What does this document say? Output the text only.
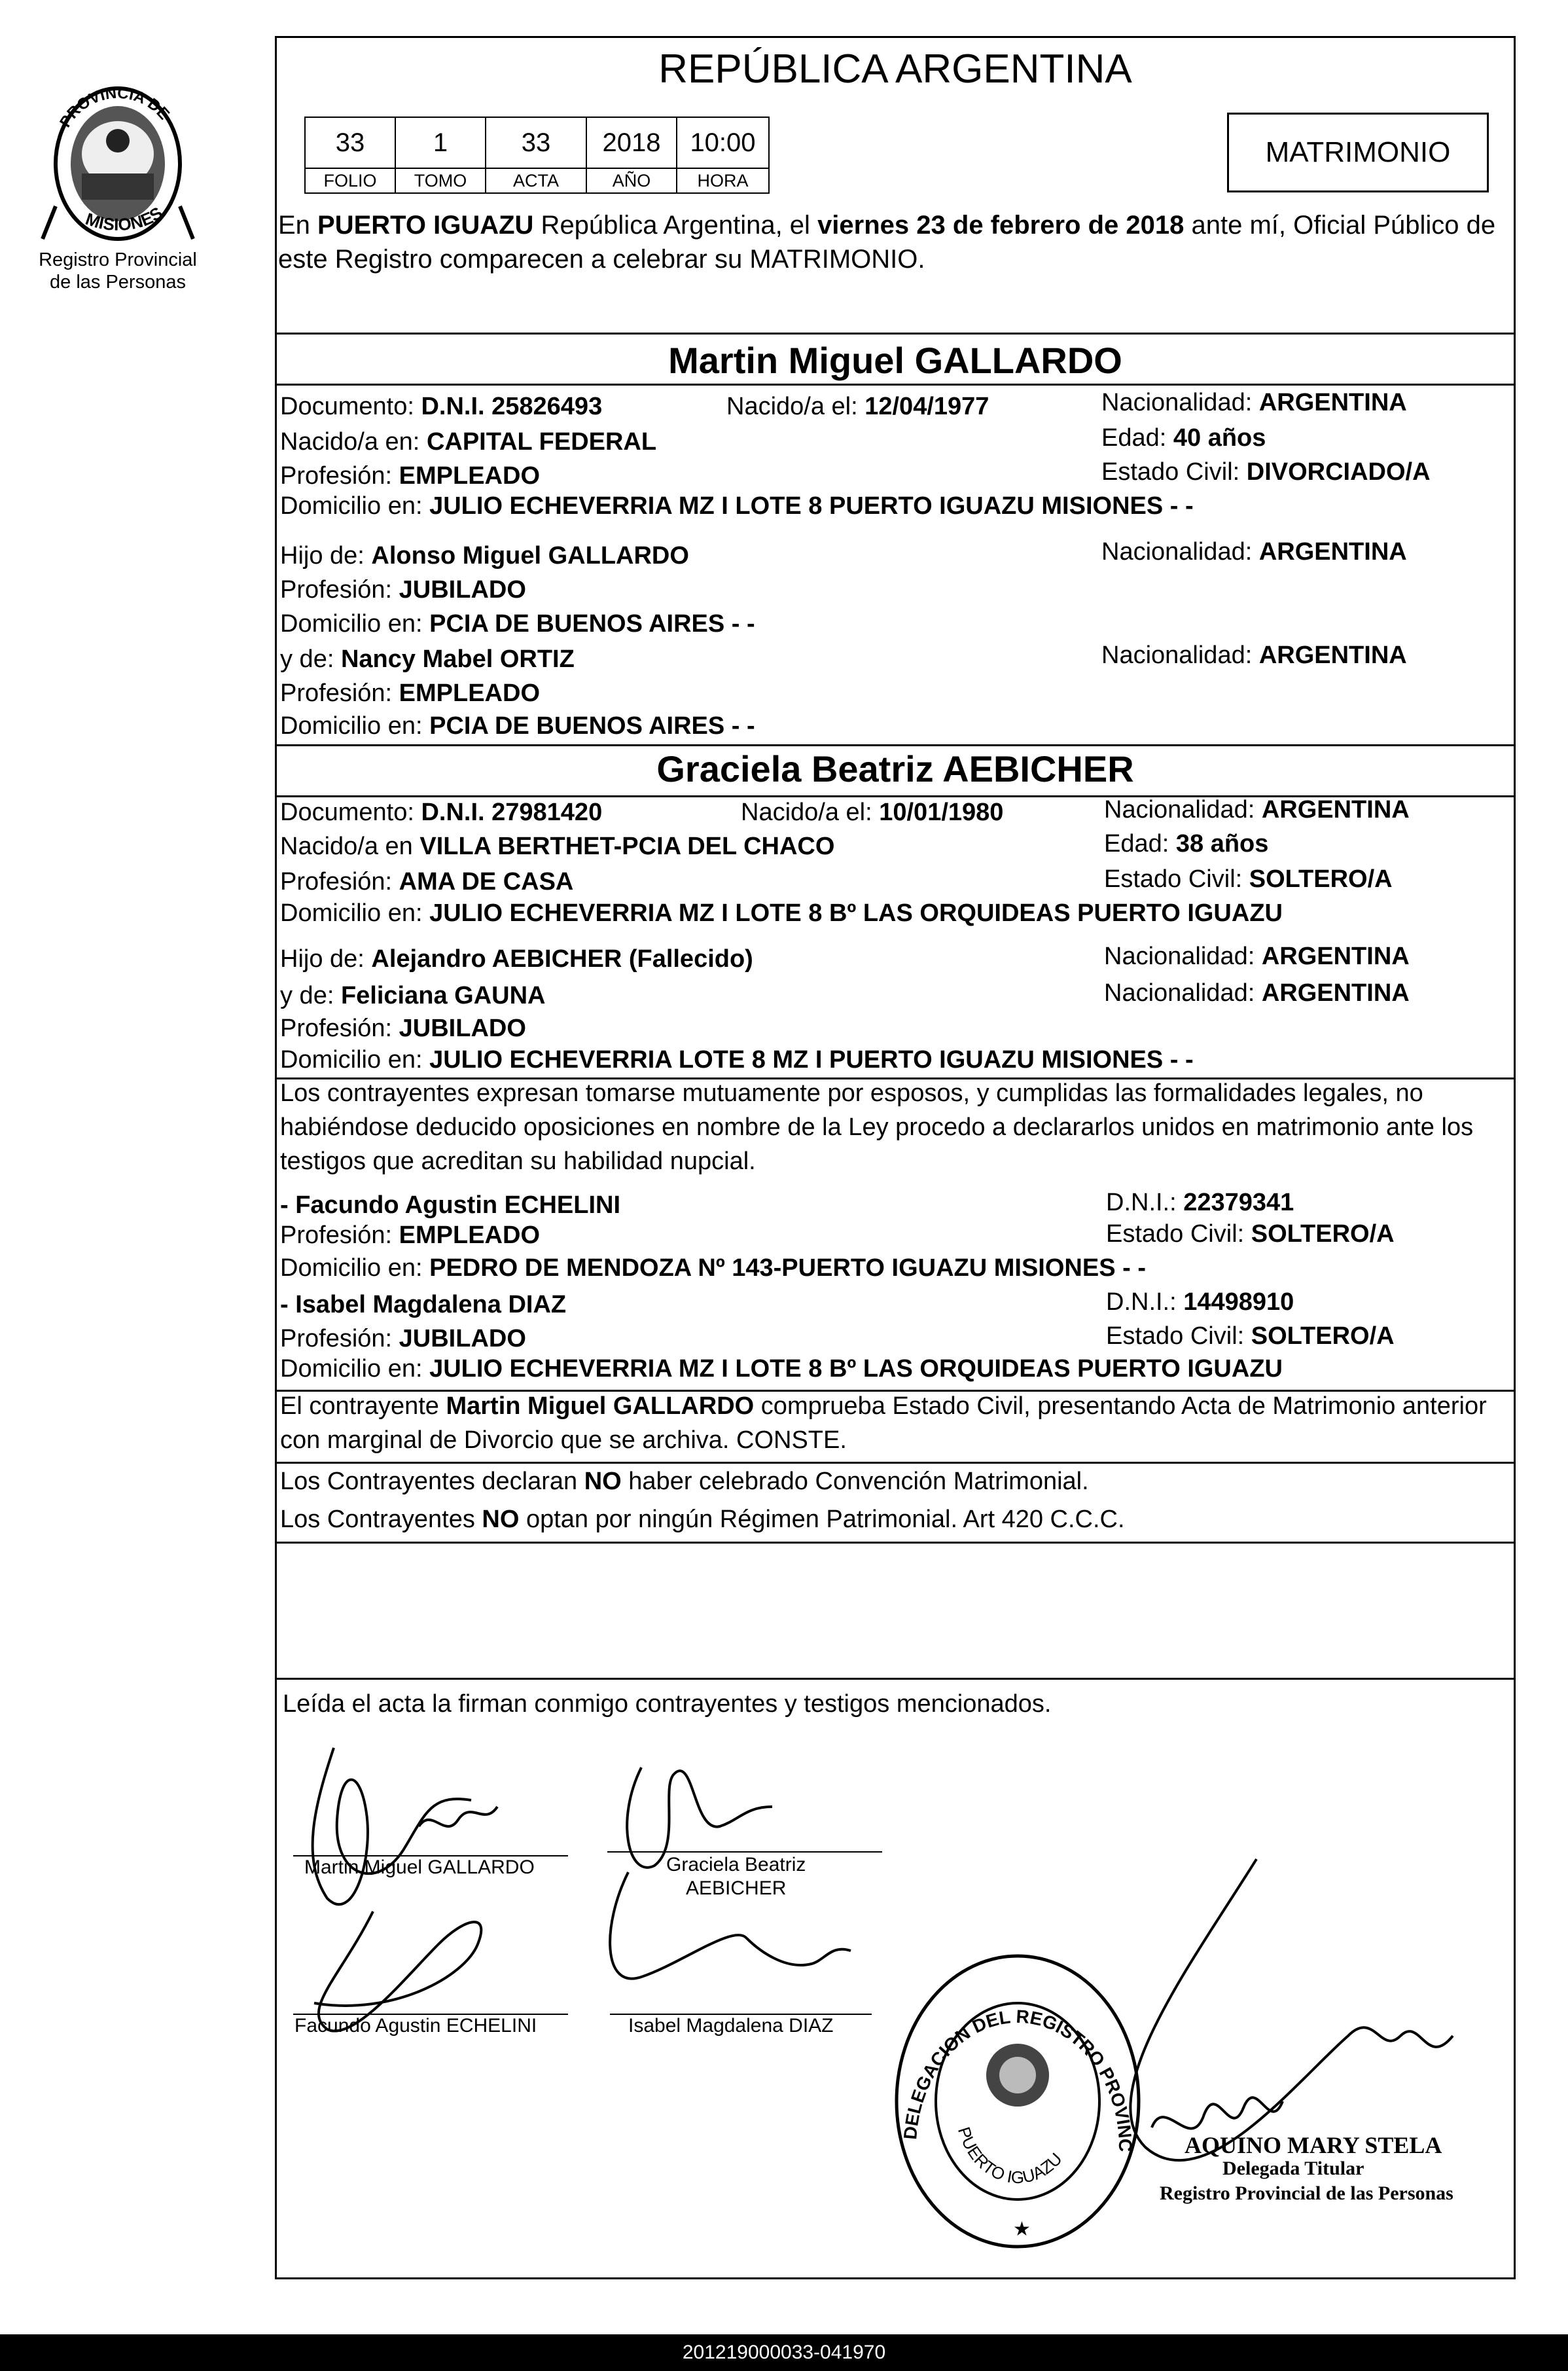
PROVINCIA DE
MISIONES
Registro Provincial
de las Personas
REPÚBLICA ARGENTINA
33	1	33	2018	10:00
FOLIO	TOMO	ACTA	AÑO	HORA
MATRIMONIO
En PUERTO IGUAZU República Argentina, el viernes 23 de febrero de 2018 ante mí, Oficial Público de este Registro comparecen a celebrar su MATRIMONIO.
Martin Miguel GALLARDO
Documento: D.N.I. 25826493	Nacido/a el: 12/04/1977	Nacionalidad: ARGENTINA
Nacido/a en: CAPITAL FEDERAL	Edad: 40 años
Profesión: EMPLEADO	Estado Civil: DIVORCIADO/A
Domicilio en: JULIO ECHEVERRIA MZ I LOTE 8 PUERTO IGUAZU MISIONES - -
Hijo de: Alonso Miguel GALLARDO	Nacionalidad: ARGENTINA
Profesión: JUBILADO
Domicilio en: PCIA DE BUENOS AIRES - -
y de: Nancy Mabel ORTIZ	Nacionalidad: ARGENTINA
Profesión: EMPLEADO
Domicilio en: PCIA DE BUENOS AIRES - -
Graciela Beatriz AEBICHER
Documento: D.N.I. 27981420	Nacido/a el: 10/01/1980	Nacionalidad: ARGENTINA
Nacido/a en VILLA BERTHET-PCIA DEL CHACO	Edad: 38 años
Profesión: AMA DE CASA	Estado Civil: SOLTERO/A
Domicilio en: JULIO ECHEVERRIA MZ I LOTE 8 Bº LAS ORQUIDEAS PUERTO IGUAZU
Hijo de: Alejandro AEBICHER (Fallecido)	Nacionalidad: ARGENTINA
y de: Feliciana GAUNA	Nacionalidad: ARGENTINA
Profesión: JUBILADO
Domicilio en: JULIO ECHEVERRIA LOTE 8 MZ I PUERTO IGUAZU MISIONES - -
Los contrayentes expresan tomarse mutuamente por esposos, y cumplidas las formalidades legales, no habiéndose deducido oposiciones en nombre de la Ley procedo a declararlos unidos en matrimonio ante los testigos que acreditan su habilidad nupcial.
- Facundo Agustin ECHELINI	D.N.I.: 22379341
Profesión: EMPLEADO	Estado Civil: SOLTERO/A
Domicilio en: PEDRO DE MENDOZA Nº 143-PUERTO IGUAZU MISIONES - -
- Isabel Magdalena DIAZ	D.N.I.: 14498910
Profesión: JUBILADO	Estado Civil: SOLTERO/A
Domicilio en: JULIO ECHEVERRIA MZ I LOTE 8 Bº LAS ORQUIDEAS PUERTO IGUAZU
El contrayente Martin Miguel GALLARDO comprueba Estado Civil, presentando Acta de Matrimonio anterior con marginal de Divorcio que se archiva. CONSTE.
Los Contrayentes declaran NO haber celebrado Convención Matrimonial.
Los Contrayentes NO optan por ningún Régimen Patrimonial. Art 420 C.C.C.
Leída el acta la firman conmigo contrayentes y testigos mencionados.
Martin Miguel GALLARDO	Graciela Beatriz
AEBICHER
Facundo Agustin ECHELINI	Isabel Magdalena DIAZ
DELEGACION DEL REGISTRO PROVINC
PUERTO IGUAZU
★
AQUINO MARY STELA
Delegada Titular
Registro Provincial de las Personas
201219000033-041970
